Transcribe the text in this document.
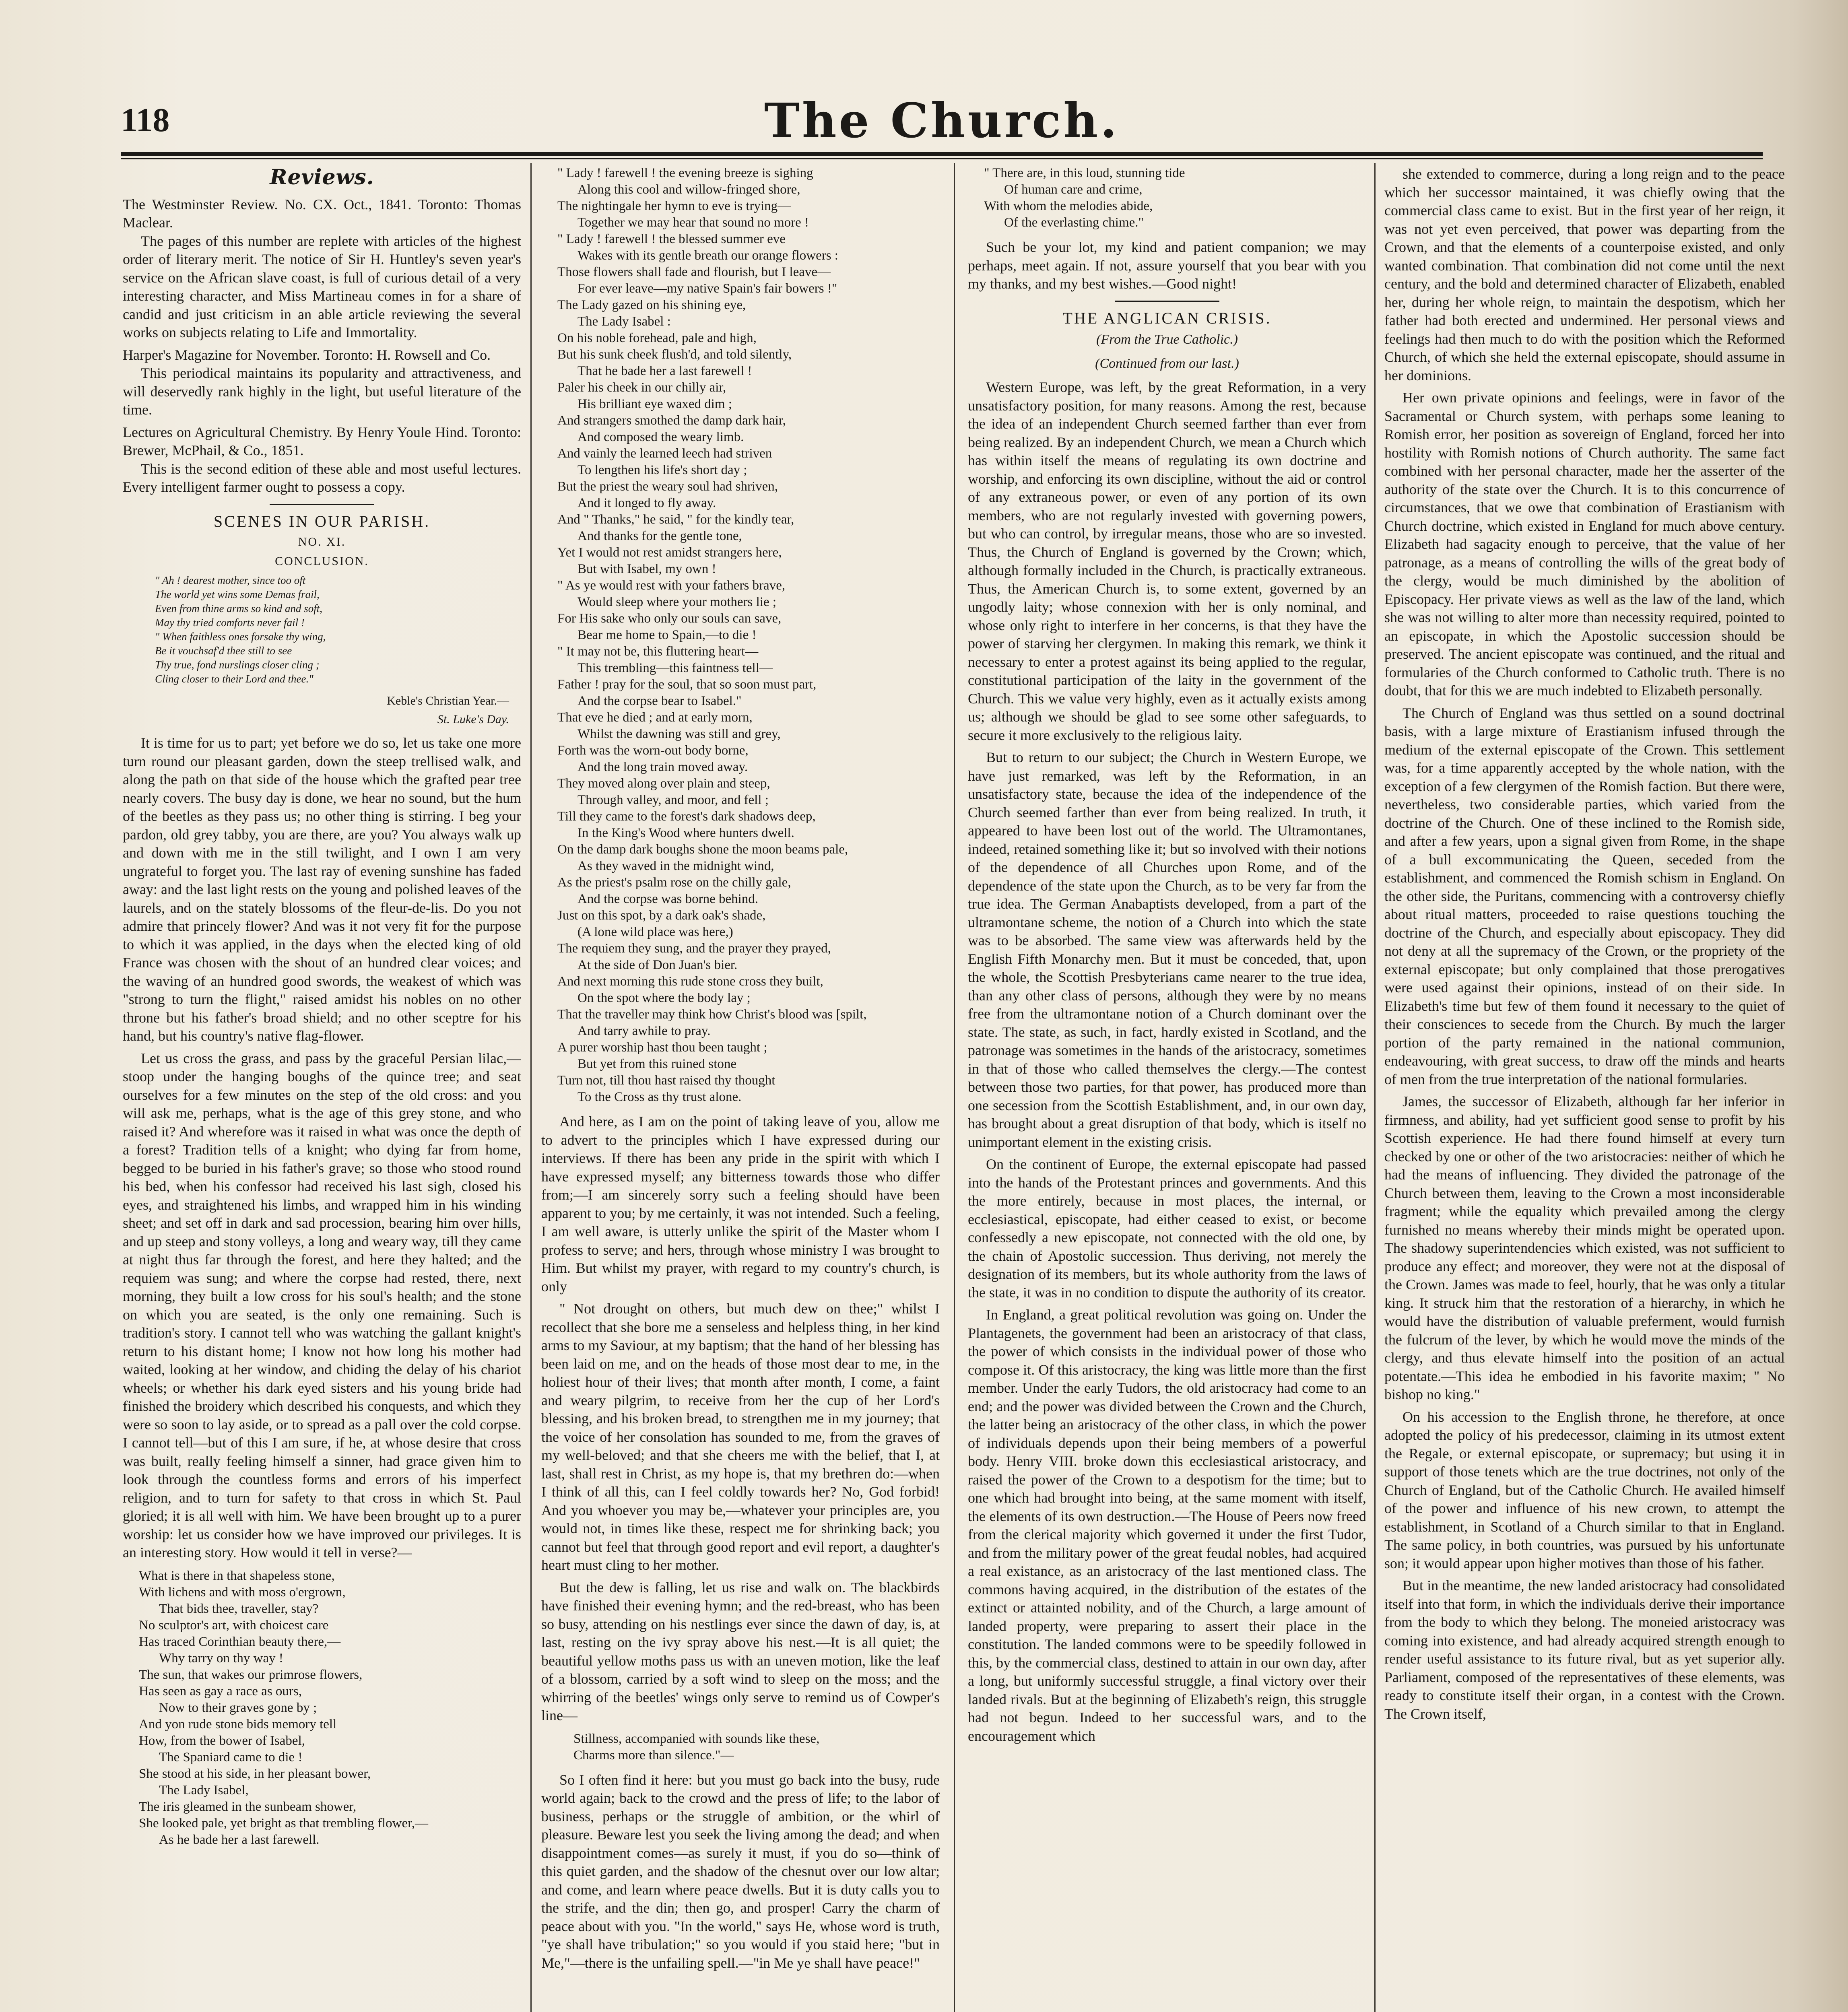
118	The Church.
Reviews.

The Westminster Review. No. CX. Oct., 1841. Toronto: Thomas Maclear.

The pages of this number are replete with articles of the highest order of literary merit. The notice of Sir H. Huntley's seven year's service on the African slave coast, is full of curious detail of a very interesting character, and Miss Martineau comes in for a share of candid and just criticism in an able article reviewing the several works on subjects relating to Life and Immortality.

Harper's Magazine for November. Toronto: H. Rowsell and Co.

This periodical maintains its popularity and attractiveness, and will deservedly rank highly in the light, but useful literature of the time.

Lectures on Agricultural Chemistry. By Henry Youle Hind. Toronto: Brewer, McPhail, & Co., 1851.

This is the second edition of these able and most useful lectures. Every intelligent farmer ought to possess a copy.

SCENES IN OUR PARISH.
NO. XI.
CONCLUSION.
" Ah ! dearest mother, since too oft
The world yet wins some Demas frail,
Even from thine arms so kind and soft,
May thy tried comforts never fail !
" When faithless ones forsake thy wing,
Be it vouchsaf'd thee still to see
Thy true, fond nurslings closer cling ;
Cling closer to their Lord and thee."
Keble's Christian Year.—
St. Luke's Day.

It is time for us to part; yet before we do so, let us take one more turn round our pleasant garden, down the steep trellised walk, and along the path on that side of the house which the grafted pear tree nearly covers. The busy day is done, we hear no sound, but the hum of the beetles as they pass us; no other thing is stirring. I beg your pardon, old grey tabby, you are there, are you? You always walk up and down with me in the still twilight, and I own I am very ungrateful to forget you. The last ray of evening sunshine has faded away: and the last light rests on the young and polished leaves of the laurels, and on the stately blossoms of the fleur-de-lis. Do you not admire that princely flower? And was it not very fit for the purpose to which it was applied, in the days when the elected king of old France was chosen with the shout of an hundred clear voices; and the waving of an hundred good swords, the weakest of which was "strong to turn the flight," raised amidst his nobles on no other throne but his father's broad shield; and no other sceptre for his hand, but his country's native flag-flower.

Let us cross the grass, and pass by the graceful Persian lilac,—stoop under the hanging boughs of the quince tree; and seat ourselves for a few minutes on the step of the old cross: and you will ask me, perhaps, what is the age of this grey stone, and who raised it? And wherefore was it raised in what was once the depth of a forest? Tradition tells of a knight; who dying far from home, begged to be buried in his father's grave; so those who stood round his bed, when his confessor had received his last sigh, closed his eyes, and straightened his limbs, and wrapped him in his winding sheet; and set off in dark and sad procession, bearing him over hills, and up steep and stony volleys, a long and weary way, till they came at night thus far through the forest, and here they halted; and the requiem was sung; and where the corpse had rested, there, next morning, they built a low cross for his soul's health; and the stone on which you are seated, is the only one remaining. Such is tradition's story. I cannot tell who was watching the gallant knight's return to his distant home; I know not how long his mother had waited, looking at her window, and chiding the delay of his chariot wheels; or whether his dark eyed sisters and his young bride had finished the broidery which described his conquests, and which they were so soon to lay aside, or to spread as a pall over the cold corpse. I cannot tell—but of this I am sure, if he, at whose desire that cross was built, really feeling himself a sinner, had grace given him to look through the countless forms and errors of his imperfect religion, and to turn for safety to that cross in which St. Paul gloried; it is all well with him. We have been brought up to a purer worship: let us consider how we have improved our privileges. It is an interesting story. How would it tell in verse?—

What is there in that shapeless stone,
With lichens and with moss o'ergrown,
That bids thee, traveller, stay?
No sculptor's art, with choicest care
Has traced Corinthian beauty there,—
Why tarry on thy way !
The sun, that wakes our primrose flowers,
Has seen as gay a race as ours,
Now to their graves gone by ;
And yon rude stone bids memory tell
How, from the bower of Isabel,
The Spaniard came to die !
She stood at his side, in her pleasant bower,
The Lady Isabel,
The iris gleamed in the sunbeam shower,
She looked pale, yet bright as that trembling flower,—
As he bade her a last farewell.
" Lady ! farewell ! the evening breeze is sighing
Along this cool and willow-fringed shore,
The nightingale her hymn to eve is trying—
Together we may hear that sound no more !
" Lady ! farewell ! the blessed summer eve
Wakes with its gentle breath our orange flowers :
Those flowers shall fade and flourish, but I leave—
For ever leave—my native Spain's fair bowers !"
The Lady gazed on his shining eye,
The Lady Isabel :
On his noble forehead, pale and high,
But his sunk cheek flush'd, and told silently,
That he bade her a last farewell !
Paler his cheek in our chilly air,
His brilliant eye waxed dim ;
And strangers smothed the damp dark hair,
And composed the weary limb.
And vainly the learned leech had striven
To lengthen his life's short day ;
But the priest the weary soul had shriven,
And it longed to fly away.
And " Thanks," he said, " for the kindly tear,
And thanks for the gentle tone,
Yet I would not rest amidst strangers here,
But with Isabel, my own !
" As ye would rest with your fathers brave,
Would sleep where your mothers lie ;
For His sake who only our souls can save,
Bear me home to Spain,—to die !
" It may not be, this fluttering heart—
This trembling—this faintness tell—
Father ! pray for the soul, that so soon must part,
And the corpse bear to Isabel."
That eve he died ; and at early morn,
Whilst the dawning was still and grey,
Forth was the worn-out body borne,
And the long train moved away.
They moved along over plain and steep,
Through valley, and moor, and fell ;
Till they came to the forest's dark shadows deep,
In the King's Wood where hunters dwell.
On the damp dark boughs shone the moon beams pale,
As they waved in the midnight wind,
As the priest's psalm rose on the chilly gale,
And the corpse was borne behind.
Just on this spot, by a dark oak's shade,
(A lone wild place was here,)
The requiem they sung, and the prayer they prayed,
At the side of Don Juan's bier.
And next morning this rude stone cross they built,
On the spot where the body lay ;
That the traveller may think how Christ's blood was [spilt,
And tarry awhile to pray.
A purer worship hast thou been taught ;
But yet from this ruined stone
Turn not, till thou hast raised thy thought
To the Cross as thy trust alone.

And here, as I am on the point of taking leave of you, allow me to advert to the principles which I have expressed during our interviews. If there has been any pride in the spirit with which I have expressed myself; any bitterness towards those who differ from;—I am sincerely sorry such a feeling should have been apparent to you; by me certainly, it was not intended. Such a feeling, I am well aware, is utterly unlike the spirit of the Master whom I profess to serve; and hers, through whose ministry I was brought to Him. But whilst my prayer, with regard to my country's church, is only

" Not drought on others, but much dew on thee;" whilst I recollect that she bore me a senseless and helpless thing, in her kind arms to my Saviour, at my baptism; that the hand of her blessing has been laid on me, and on the heads of those most dear to me, in the holiest hour of their lives; that month after month, I come, a faint and weary pilgrim, to receive from her the cup of her Lord's blessing, and his broken bread, to strengthen me in my journey; that the voice of her consolation has sounded to me, from the graves of my well-beloved; and that she cheers me with the belief, that I, at last, shall rest in Christ, as my hope is, that my brethren do:—when I think of all this, can I feel coldly towards her? No, God forbid! And you whoever you may be,—whatever your principles are, you would not, in times like these, respect me for shrinking back; you cannot but feel that through good report and evil report, a daughter's heart must cling to her mother.

But the dew is falling, let us rise and walk on. The blackbirds have finished their evening hymn; and the red-breast, who has been so busy, attending on his nestlings ever since the dawn of day, is, at last, resting on the ivy spray above his nest.—It is all quiet; the beautiful yellow moths pass us with an uneven motion, like the leaf of a blossom, carried by a soft wind to sleep on the moss; and the whirring of the beetles' wings only serve to remind us of Cowper's line—

Stillness, accompanied with sounds like these,
Charms more than silence."—

So I often find it here: but you must go back into the busy, rude world again; back to the crowd and the press of life; to the labor of business, perhaps or the struggle of ambition, or the whirl of pleasure. Beware lest you seek the living among the dead; and when disappointment comes—as surely it must, if you do so—think of this quiet garden, and the shadow of the chesnut over our low altar; and come, and learn where peace dwells. But it is duty calls you to the strife, and the din; then go, and prosper! Carry the charm of peace about with you. "In the world," says He, whose word is truth, "ye shall have tribulation;" so you would if you staid here; "but in Me,"—there is the unfailing spell.—"in Me ye shall have peace!"

" There are, in this loud, stunning tide
Of human care and crime,
With whom the melodies abide,
Of the everlasting chime."

Such be your lot, my kind and patient companion; we may perhaps, meet again. If not, assure yourself that you bear with you my thanks, and my best wishes.—Good night!

THE ANGLICAN CRISIS.
(From the True Catholic.)
(Continued from our last.)

Western Europe, was left, by the great Reformation, in a very unsatisfactory position, for many reasons. Among the rest, because the idea of an independent Church seemed farther than ever from being realized. By an independent Church, we mean a Church which has within itself the means of regulating its own doctrine and worship, and enforcing its own discipline, without the aid or control of any extraneous power, or even of any portion of its own members, who are not regularly invested with governing powers, but who can control, by irregular means, those who are so invested. Thus, the Church of England is governed by the Crown; which, although formally included in the Church, is practically extraneous. Thus, the American Church is, to some extent, governed by an ungodly laity; whose connexion with her is only nominal, and whose only right to interfere in her concerns, is that they have the power of starving her clergymen. In making this remark, we think it necessary to enter a protest against its being applied to the regular, constitutional participation of the laity in the government of the Church. This we value very highly, even as it actually exists among us; although we should be glad to see some other safeguards, to secure it more exclusively to the religious laity.

But to return to our subject; the Church in Western Europe, we have just remarked, was left by the Reformation, in an unsatisfactory state, because the idea of the independence of the Church seemed farther than ever from being realized. In truth, it appeared to have been lost out of the world. The Ultramontanes, indeed, retained something like it; but so involved with their notions of the dependence of all Churches upon Rome, and of the dependence of the state upon the Church, as to be very far from the true idea. The German Anabaptists developed, from a part of the ultramontane scheme, the notion of a Church into which the state was to be absorbed. The same view was afterwards held by the English Fifth Monarchy men. But it must be conceded, that, upon the whole, the Scottish Presbyterians came nearer to the true idea, than any other class of persons, although they were by no means free from the ultramontane notion of a Church dominant over the state. The state, as such, in fact, hardly existed in Scotland, and the patronage was sometimes in the hands of the aristocracy, sometimes in that of those who called themselves the clergy.—The contest between those two parties, for that power, has produced more than one secession from the Scottish Establishment, and, in our own day, has brought about a great disruption of that body, which is itself no unimportant element in the existing crisis.

On the continent of Europe, the external episcopate had passed into the hands of the Protestant princes and governments. And this the more entirely, because in most places, the internal, or ecclesiastical, episcopate, had either ceased to exist, or become confessedly a new episcopate, not connected with the old one, by the chain of Apostolic succession. Thus deriving, not merely the designation of its members, but its whole authority from the laws of the state, it was in no condition to dispute the authority of its creator.

In England, a great political revolution was going on. Under the Plantagenets, the government had been an aristocracy of that class, the power of which consists in the individual power of those who compose it. Of this aristocracy, the king was little more than the first member. Under the early Tudors, the old aristocracy had come to an end; and the power was divided between the Crown and the Church, the latter being an aristocracy of the other class, in which the power of individuals depends upon their being members of a powerful body. Henry VIII. broke down this ecclesiastical aristocracy, and raised the power of the Crown to a despotism for the time; but to one which had brought into being, at the same moment with itself, the elements of its own destruction.—The House of Peers now freed from the clerical majority which governed it under the first Tudor, and from the military power of the great feudal nobles, had acquired a real existance, as an aristocracy of the last mentioned class. The commons having acquired, in the distribution of the estates of the extinct or attainted nobility, and of the Church, a large amount of landed property, were preparing to assert their place in the constitution. The landed commons were to be speedily followed in this, by the commercial class, destined to attain in our own day, after a long, but uniformly successful struggle, a final victory over their landed rivals. But at the beginning of Elizabeth's reign, this struggle had not begun. Indeed to her successful wars, and to the encouragement which

she extended to commerce, during a long reign and to the peace which her successor maintained, it was chiefly owing that the commercial class came to exist. But in the first year of her reign, it was not yet even perceived, that power was departing from the Crown, and that the elements of a counterpoise existed, and only wanted combination. That combination did not come until the next century, and the bold and determined character of Elizabeth, enabled her, during her whole reign, to maintain the despotism, which her father had both erected and undermined. Her personal views and feelings had then much to do with the position which the Reformed Church, of which she held the external episcopate, should assume in her dominions.

Her own private opinions and feelings, were in favor of the Sacramental or Church system, with perhaps some leaning to Romish error, her position as sovereign of England, forced her into hostility with Romish notions of Church authority. The same fact combined with her personal character, made her the asserter of the authority of the state over the Church. It is to this concurrence of circumstances, that we owe that combination of Erastianism with Church doctrine, which existed in England for much above century. Elizabeth had sagacity enough to perceive, that the value of her patronage, as a means of controlling the wills of the great body of the clergy, would be much diminished by the abolition of Episcopacy. Her private views as well as the law of the land, which she was not willing to alter more than necessity required, pointed to an episcopate, in which the Apostolic succession should be preserved. The ancient episcopate was continued, and the ritual and formularies of the Church conformed to Catholic truth. There is no doubt, that for this we are much indebted to Elizabeth personally.

The Church of England was thus settled on a sound doctrinal basis, with a large mixture of Erastianism infused through the medium of the external episcopate of the Crown. This settlement was, for a time apparently accepted by the whole nation, with the exception of a few clergymen of the Romish faction. But there were, nevertheless, two considerable parties, which varied from the doctrine of the Church. One of these inclined to the Romish side, and after a few years, upon a signal given from Rome, in the shape of a bull excommunicating the Queen, seceded from the establishment, and commenced the Romish schism in England. On the other side, the Puritans, commencing with a controversy chiefly about ritual matters, proceeded to raise questions touching the doctrine of the Church, and especially about episcopacy. They did not deny at all the supremacy of the Crown, or the propriety of the external episcopate; but only complained that those prerogatives were used against their opinions, instead of on their side. In Elizabeth's time but few of them found it necessary to the quiet of their consciences to secede from the Church. By much the larger portion of the party remained in the national communion, endeavouring, with great success, to draw off the minds and hearts of men from the true interpretation of the national formularies.

James, the successor of Elizabeth, although far her inferior in firmness, and ability, had yet sufficient good sense to profit by his Scottish experience. He had there found himself at every turn checked by one or other of the two aristocracies: neither of which he had the means of influencing. They divided the patronage of the Church between them, leaving to the Crown a most inconsiderable fragment; while the equality which prevailed among the clergy furnished no means whereby their minds might be operated upon. The shadowy superintendencies which existed, was not sufficient to produce any effect; and moreover, they were not at the disposal of the Crown. James was made to feel, hourly, that he was only a titular king. It struck him that the restoration of a hierarchy, in which he would have the distribution of valuable preferment, would furnish the fulcrum of the lever, by which he would move the minds of the clergy, and thus elevate himself into the position of an actual potentate.—This idea he embodied in his favorite maxim; " No bishop no king."

On his accession to the English throne, he therefore, at once adopted the policy of his predecessor, claiming in its utmost extent the Regale, or external episcopate, or supremacy; but using it in support of those tenets which are the true doctrines, not only of the Church of England, but of the Catholic Church. He availed himself of the power and influence of his new crown, to attempt the establishment, in Scotland of a Church similar to that in England. The same policy, in both countries, was pursued by his unfortunate son; it would appear upon higher motives than those of his father.

But in the meantime, the new landed aristocracy had consolidated itself into that form, in which the individuals derive their importance from the body to which they belong. The moneied aristocracy was coming into existence, and had already acquired strength enough to render useful assistance to its future rival, but as yet superior ally. Parliament, composed of the representatives of these elements, was ready to constitute itself their organ, in a contest with the Crown. The Crown itself,
